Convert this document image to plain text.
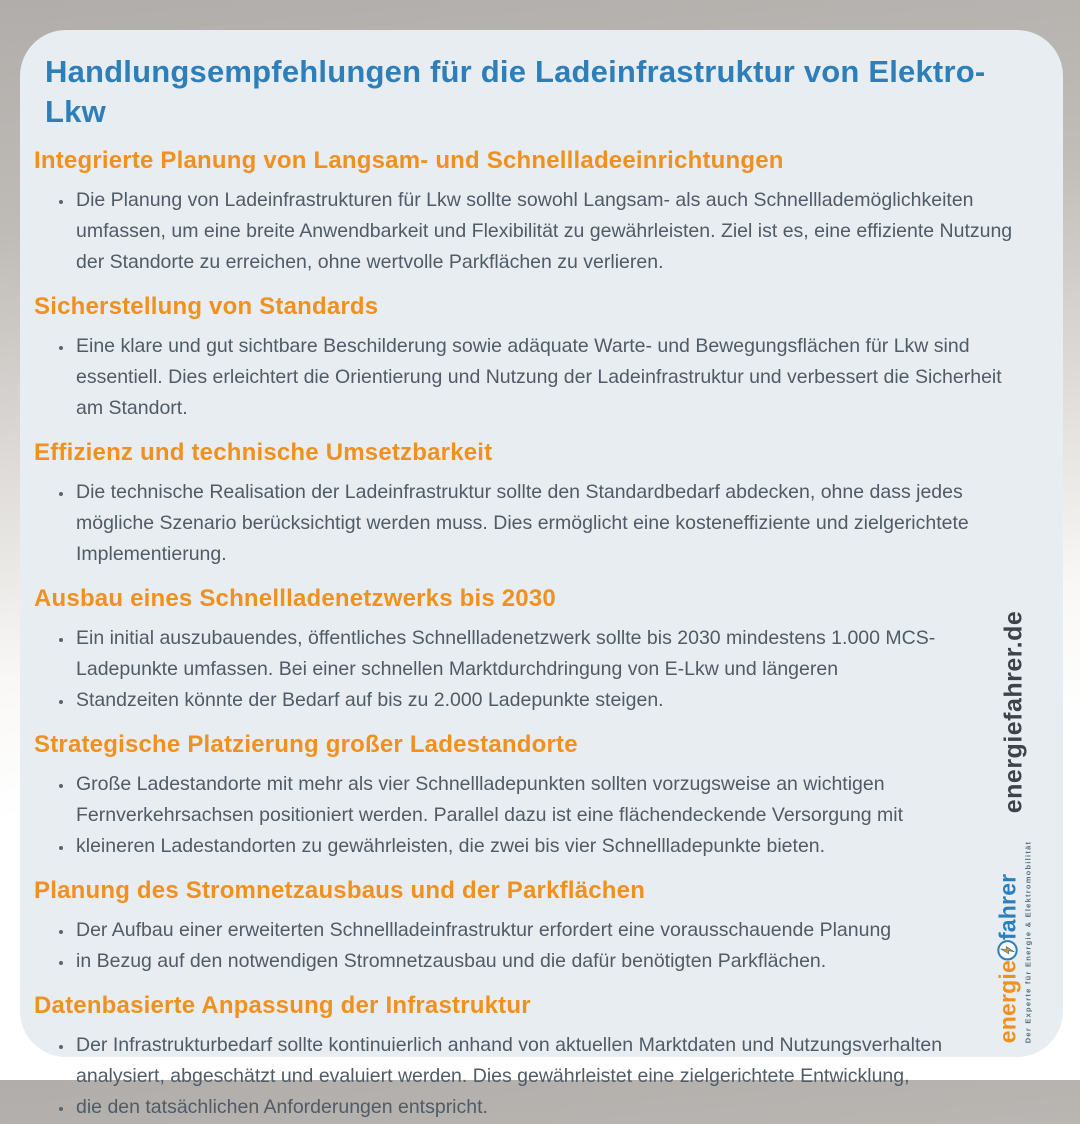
Handlungsempfehlungen für die Ladeinfrastruktur von Elektro-Lkw
Integrierte Planung von Langsam- und Schnellladeeinrichtungen
• Die Planung von Ladeinfrastrukturen für Lkw sollte sowohl Langsam- als auch Schnelllademöglichkeiten umfassen, um eine breite Anwendbarkeit und Flexibilität zu gewährleisten. Ziel ist es, eine effiziente Nutzung der Standorte zu erreichen, ohne wertvolle Parkflächen zu verlieren.
Sicherstellung von Standards
• Eine klare und gut sichtbare Beschilderung sowie adäquate Warte- und Bewegungsflächen für Lkw sind essentiell. Dies erleichtert die Orientierung und Nutzung der Ladeinfrastruktur und verbessert die Sicherheit am Standort.
Effizienz und technische Umsetzbarkeit
• Die technische Realisation der Ladeinfrastruktur sollte den Standardbedarf abdecken, ohne dass jedes mögliche Szenario berücksichtigt werden muss. Dies ermöglicht eine kosteneffiziente und zielgerichtete Implementierung.
Ausbau eines Schnellladenetzwerks bis 2030
• Ein initial auszubauendes, öffentliches Schnellladenetzwerk sollte bis 2030 mindestens 1.000 MCS-Ladepunkte umfassen. Bei einer schnellen Marktdurchdringung von E-Lkw und längeren
• Standzeiten könnte der Bedarf auf bis zu 2.000 Ladepunkte steigen.
Strategische Platzierung großer Ladestandorte
• Große Ladestandorte mit mehr als vier Schnellladepunkten sollten vorzugsweise an wichtigen Fernverkehrsachsen positioniert werden. Parallel dazu ist eine flächendeckende Versorgung mit
• kleineren Ladestandorten zu gewährleisten, die zwei bis vier Schnellladepunkte bieten.
Planung des Stromnetzausbaus und der Parkflächen
• Der Aufbau einer erweiterten Schnellladeinfrastruktur erfordert eine vorausschauende Planung
• in Bezug auf den notwendigen Stromnetzausbau und die dafür benötigten Parkflächen.
Datenbasierte Anpassung der Infrastruktur
• Der Infrastrukturbedarf sollte kontinuierlich anhand von aktuellen Marktdaten und Nutzungsverhalten analysiert, abgeschätzt und evaluiert werden. Dies gewährleistet eine zielgerichtete Entwicklung,
• die den tatsächlichen Anforderungen entspricht.
energiefahrer.de
energie
fahrer Der Experte für Energie & Elektromobilität
